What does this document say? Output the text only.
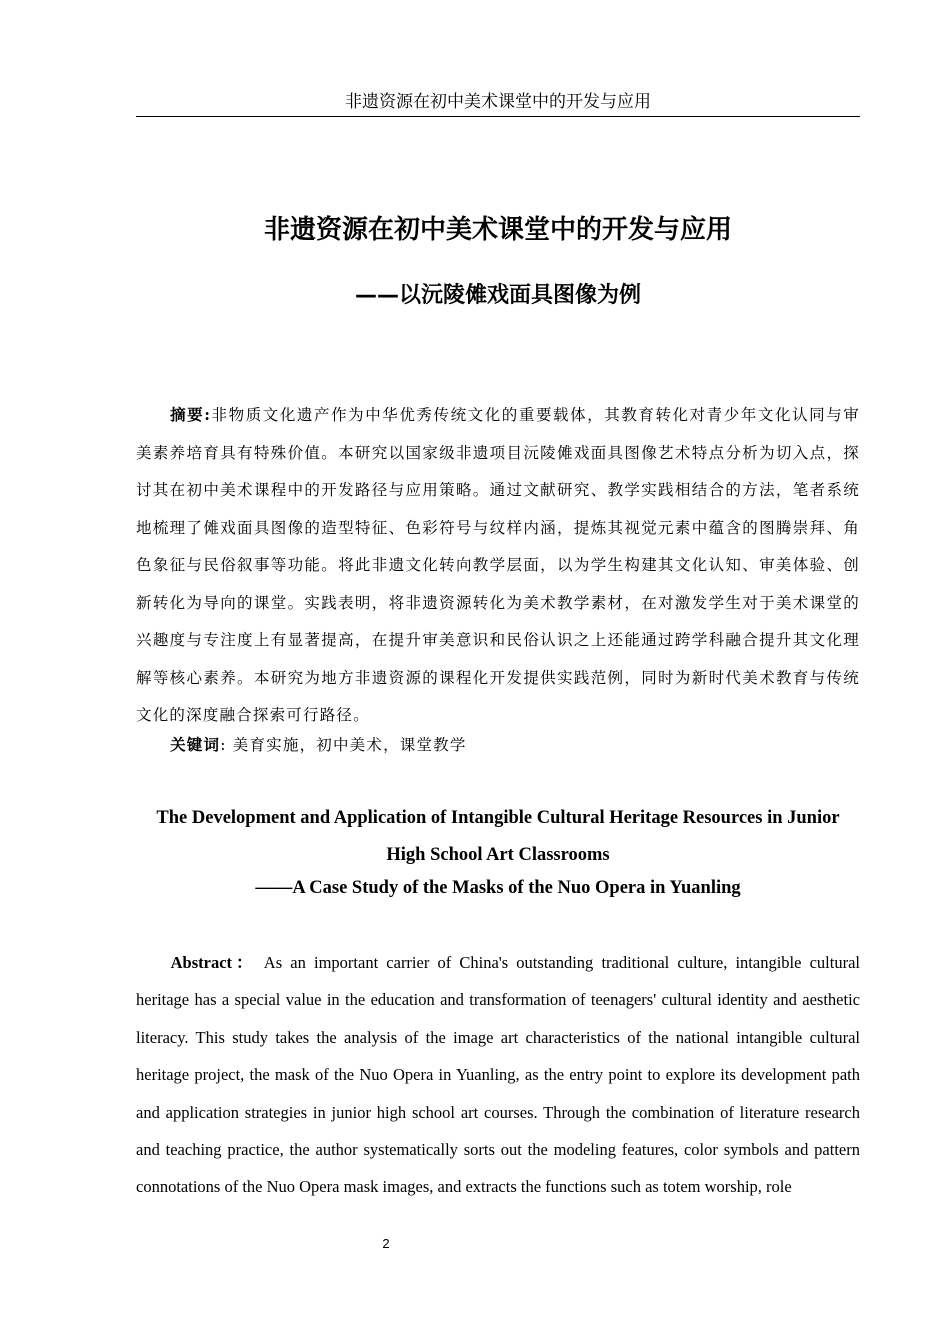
非遗资源在初中美术课堂中的开发与应用
非遗资源在初中美术课堂中的开发与应用
——以沅陵傩戏面具图像为例
摘要:非物质文化遗产作为中华优秀传统文化的重要载体，其教育转化对青少年文化认同与审美素养培育具有特殊价值。本研究以国家级非遗项目沅陵傩戏面具图像艺术特点分析为切入点，探讨其在初中美术课程中的开发路径与应用策略。通过文献研究、教学实践相结合的方法，笔者系统地梳理了傩戏面具图像的造型特征、色彩符号与纹样内涵，提炼其视觉元素中蕴含的图腾崇拜、角色象征与民俗叙事等功能。将此非遗文化转向教学层面，以为学生构建其文化认知、审美体验、创新转化为导向的课堂。实践表明，将非遗资源转化为美术教学素材，在对激发学生对于美术课堂的兴趣度与专注度上有显著提高，在提升审美意识和民俗认识之上还能通过跨学科融合提升其文化理解等核心素养。本研究为地方非遗资源的课程化开发提供实践范例，同时为新时代美术教育与传统文化的深度融合探索可行路径。
关键词: 美育实施，初中美术，课堂教学
The Development and Application of Intangible Cultural Heritage Resources in Junior High School Art Classrooms
——A Case Study of the Masks of the Nuo Opera in Yuanling
Abstract： As an important carrier of China's outstanding traditional culture, intangible cultural heritage has a special value in the education and transformation of teenagers' cultural identity and aesthetic literacy. This study takes the analysis of the image art characteristics of the national intangible cultural heritage project, the mask of the Nuo Opera in Yuanling, as the entry point to explore its development path and application strategies in junior high school art courses. Through the combination of literature research and teaching practice, the author systematically sorts out the modeling features, color symbols and pattern connotations of the Nuo Opera mask images, and extracts the functions such as totem worship, role
2
